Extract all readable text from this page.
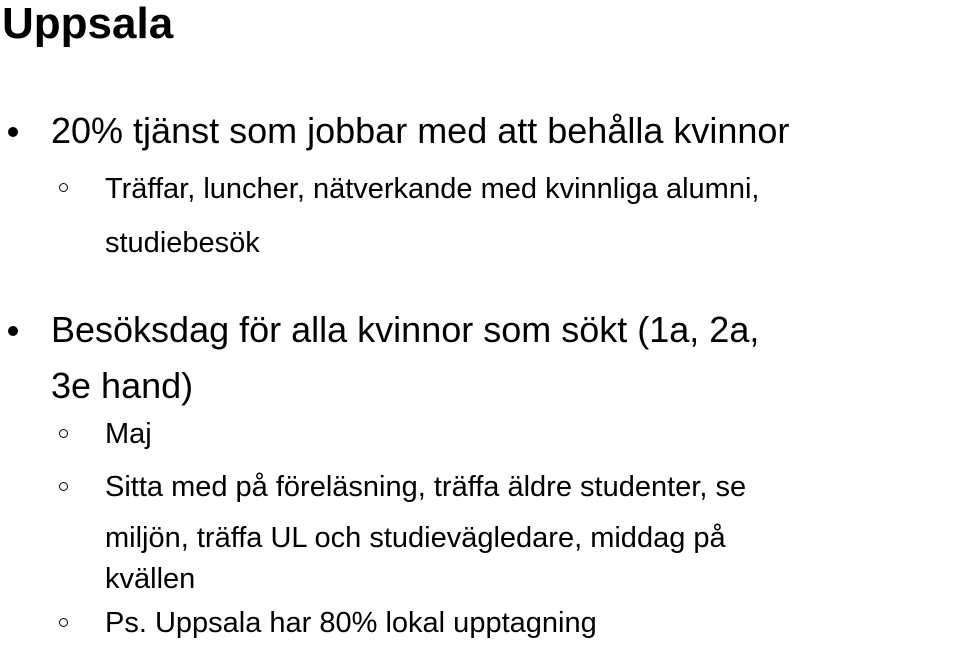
Uppsala
20% tjänst som jobbar med att behålla kvinnor
Träffar, luncher, nätverkande med kvinnliga alumni,
studiebesök
Besöksdag för alla kvinnor som sökt (1a, 2a,
3e hand)
Maj
Sitta med på föreläsning, träffa äldre studenter, se
miljön, träffa UL och studievägledare, middag på
kvällen
Ps. Uppsala har 80% lokal upptagning
